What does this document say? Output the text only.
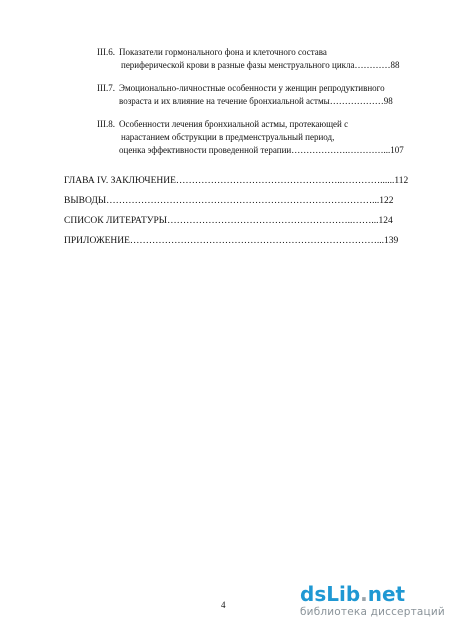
III.6. Показатели гормонального фона и клеточного состава
периферической крови в разные фазы менструального цикла…………88
III.7. Эмоционально-личностные особенности у женщин репродуктивного
возраста и их влияние на течение бронхиальной астмы………………98
III.8. Особенности лечения бронхиальной астмы, протекающей с
нарастанием обструкции в предменструальный период,
оценка эффективности проведенной терапии……………….…………...107
ГЛАВА IV. ЗАКЛЮЧЕНИЕ……………………………………………..…………......112
ВЫВОДЫ…………………………………………………………………………...122
СПИСОК ЛИТЕРАТУРЫ…………………………………………………..……...124
ПРИЛОЖЕНИЕ……………………………………………………………………...139
4	dsLib.net
библиотека диссертаций
